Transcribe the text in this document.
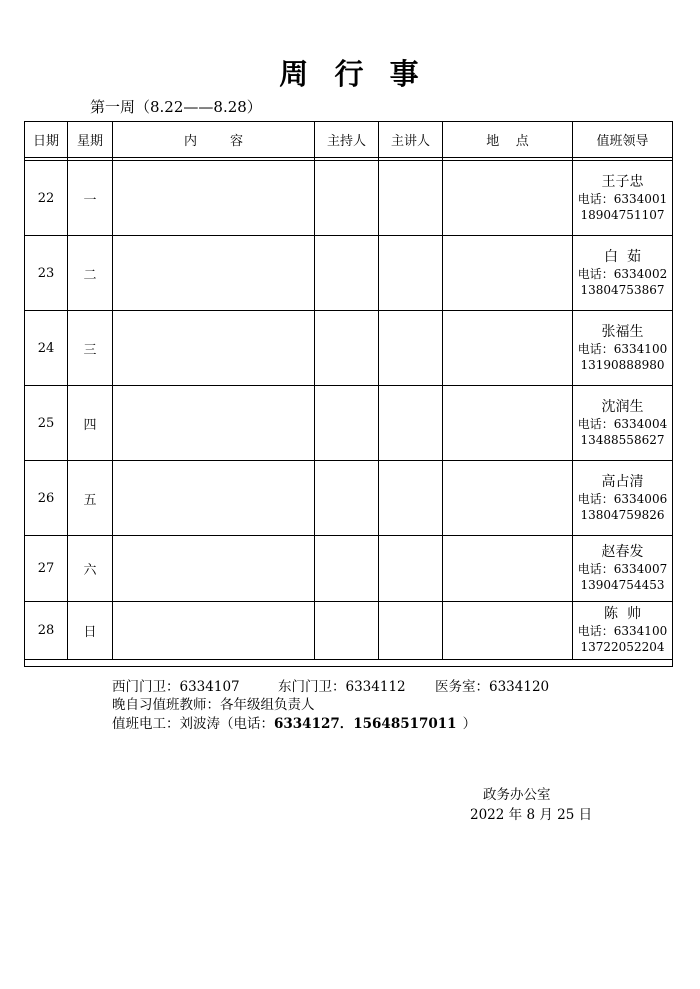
周  行  事
第一周（8.22——8.28）
日期	星期	内        容	主持人	主讲人	地    点	值班领导

22	一					王子忠
电话：6334001
18904751107
23	二					白  茹
电话：6334002
13804753867
24	三					张福生
电话：6334100
13190888980
25	四					沈润生
电话：6334004
13488558627
26	五					高占清
电话：6334006
13804759826
27	六					赵春发
电话：6334007
13904754453
28	日					陈  帅
电话：6334100
13722052204

西门门卫：6334107	东门门卫：6334112 医务室：6334120
晚自习值班教师：各年级组负责人
值班电工：刘波涛（电话：6334127．15648517011 ）
政务办公室
2022 年 8 月 25 日
